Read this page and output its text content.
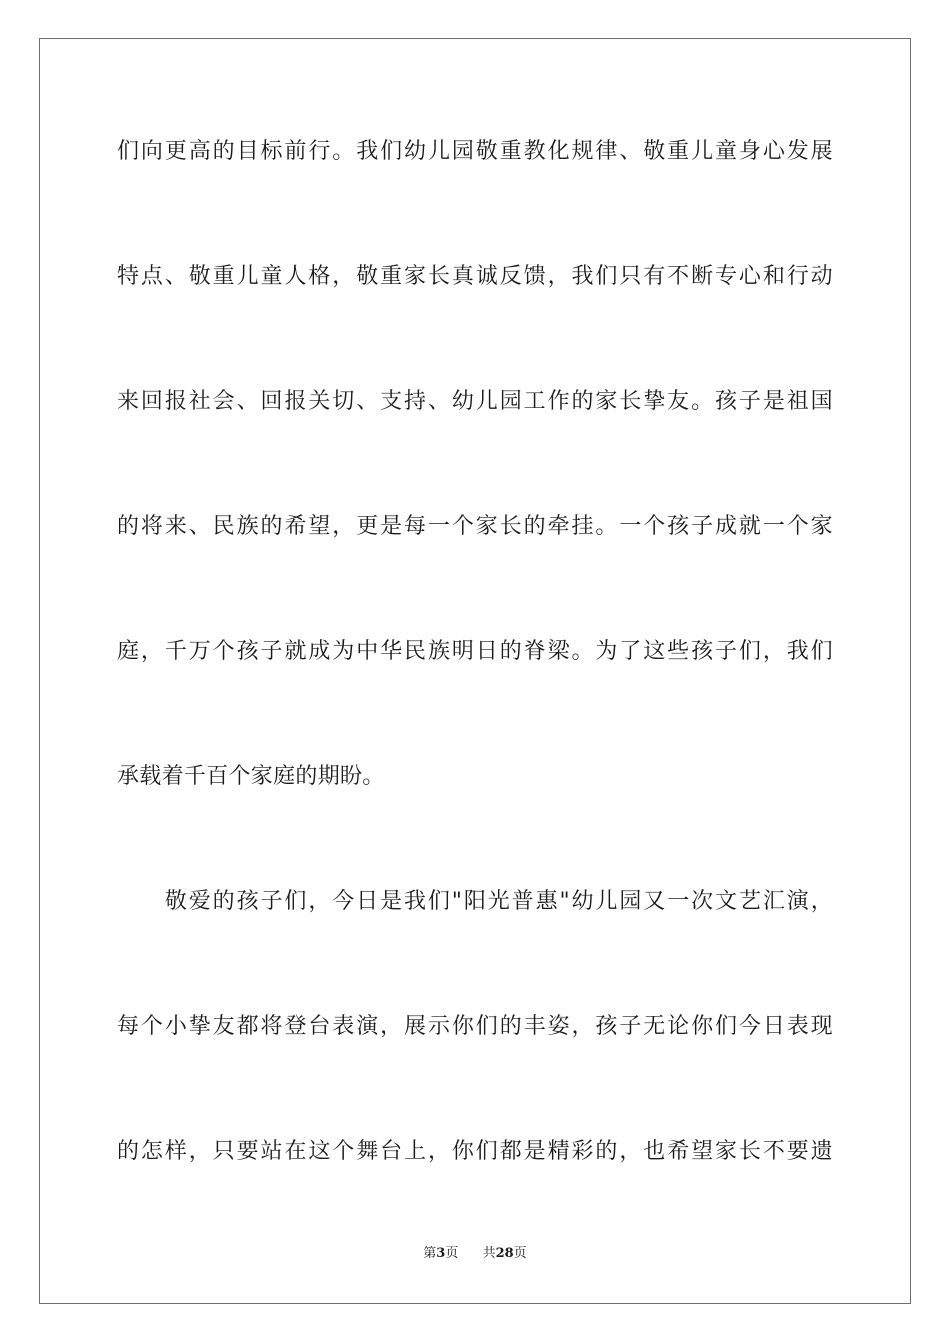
们向更高的目标前行。我们幼儿园敬重教化规律、敬重儿童身心发展
特点、敬重儿童人格，敬重家长真诚反馈，我们只有不断专心和行动
来回报社会、回报关切、支持、幼儿园工作的家长挚友。孩子是祖国
的将来、民族的希望，更是每一个家长的牵挂。一个孩子成就一个家
庭，千万个孩子就成为中华民族明日的脊梁。为了这些孩子们，我们
承载着千百个家庭的期盼。
　　敬爱的孩子们，今日是我们"阳光普惠"幼儿园又一次文艺汇演，
每个小挚友都将登台表演，展示你们的丰姿，孩子无论你们今日表现
的怎样，只要站在这个舞台上，你们都是精彩的，也希望家长不要遗
第3页 共28页
